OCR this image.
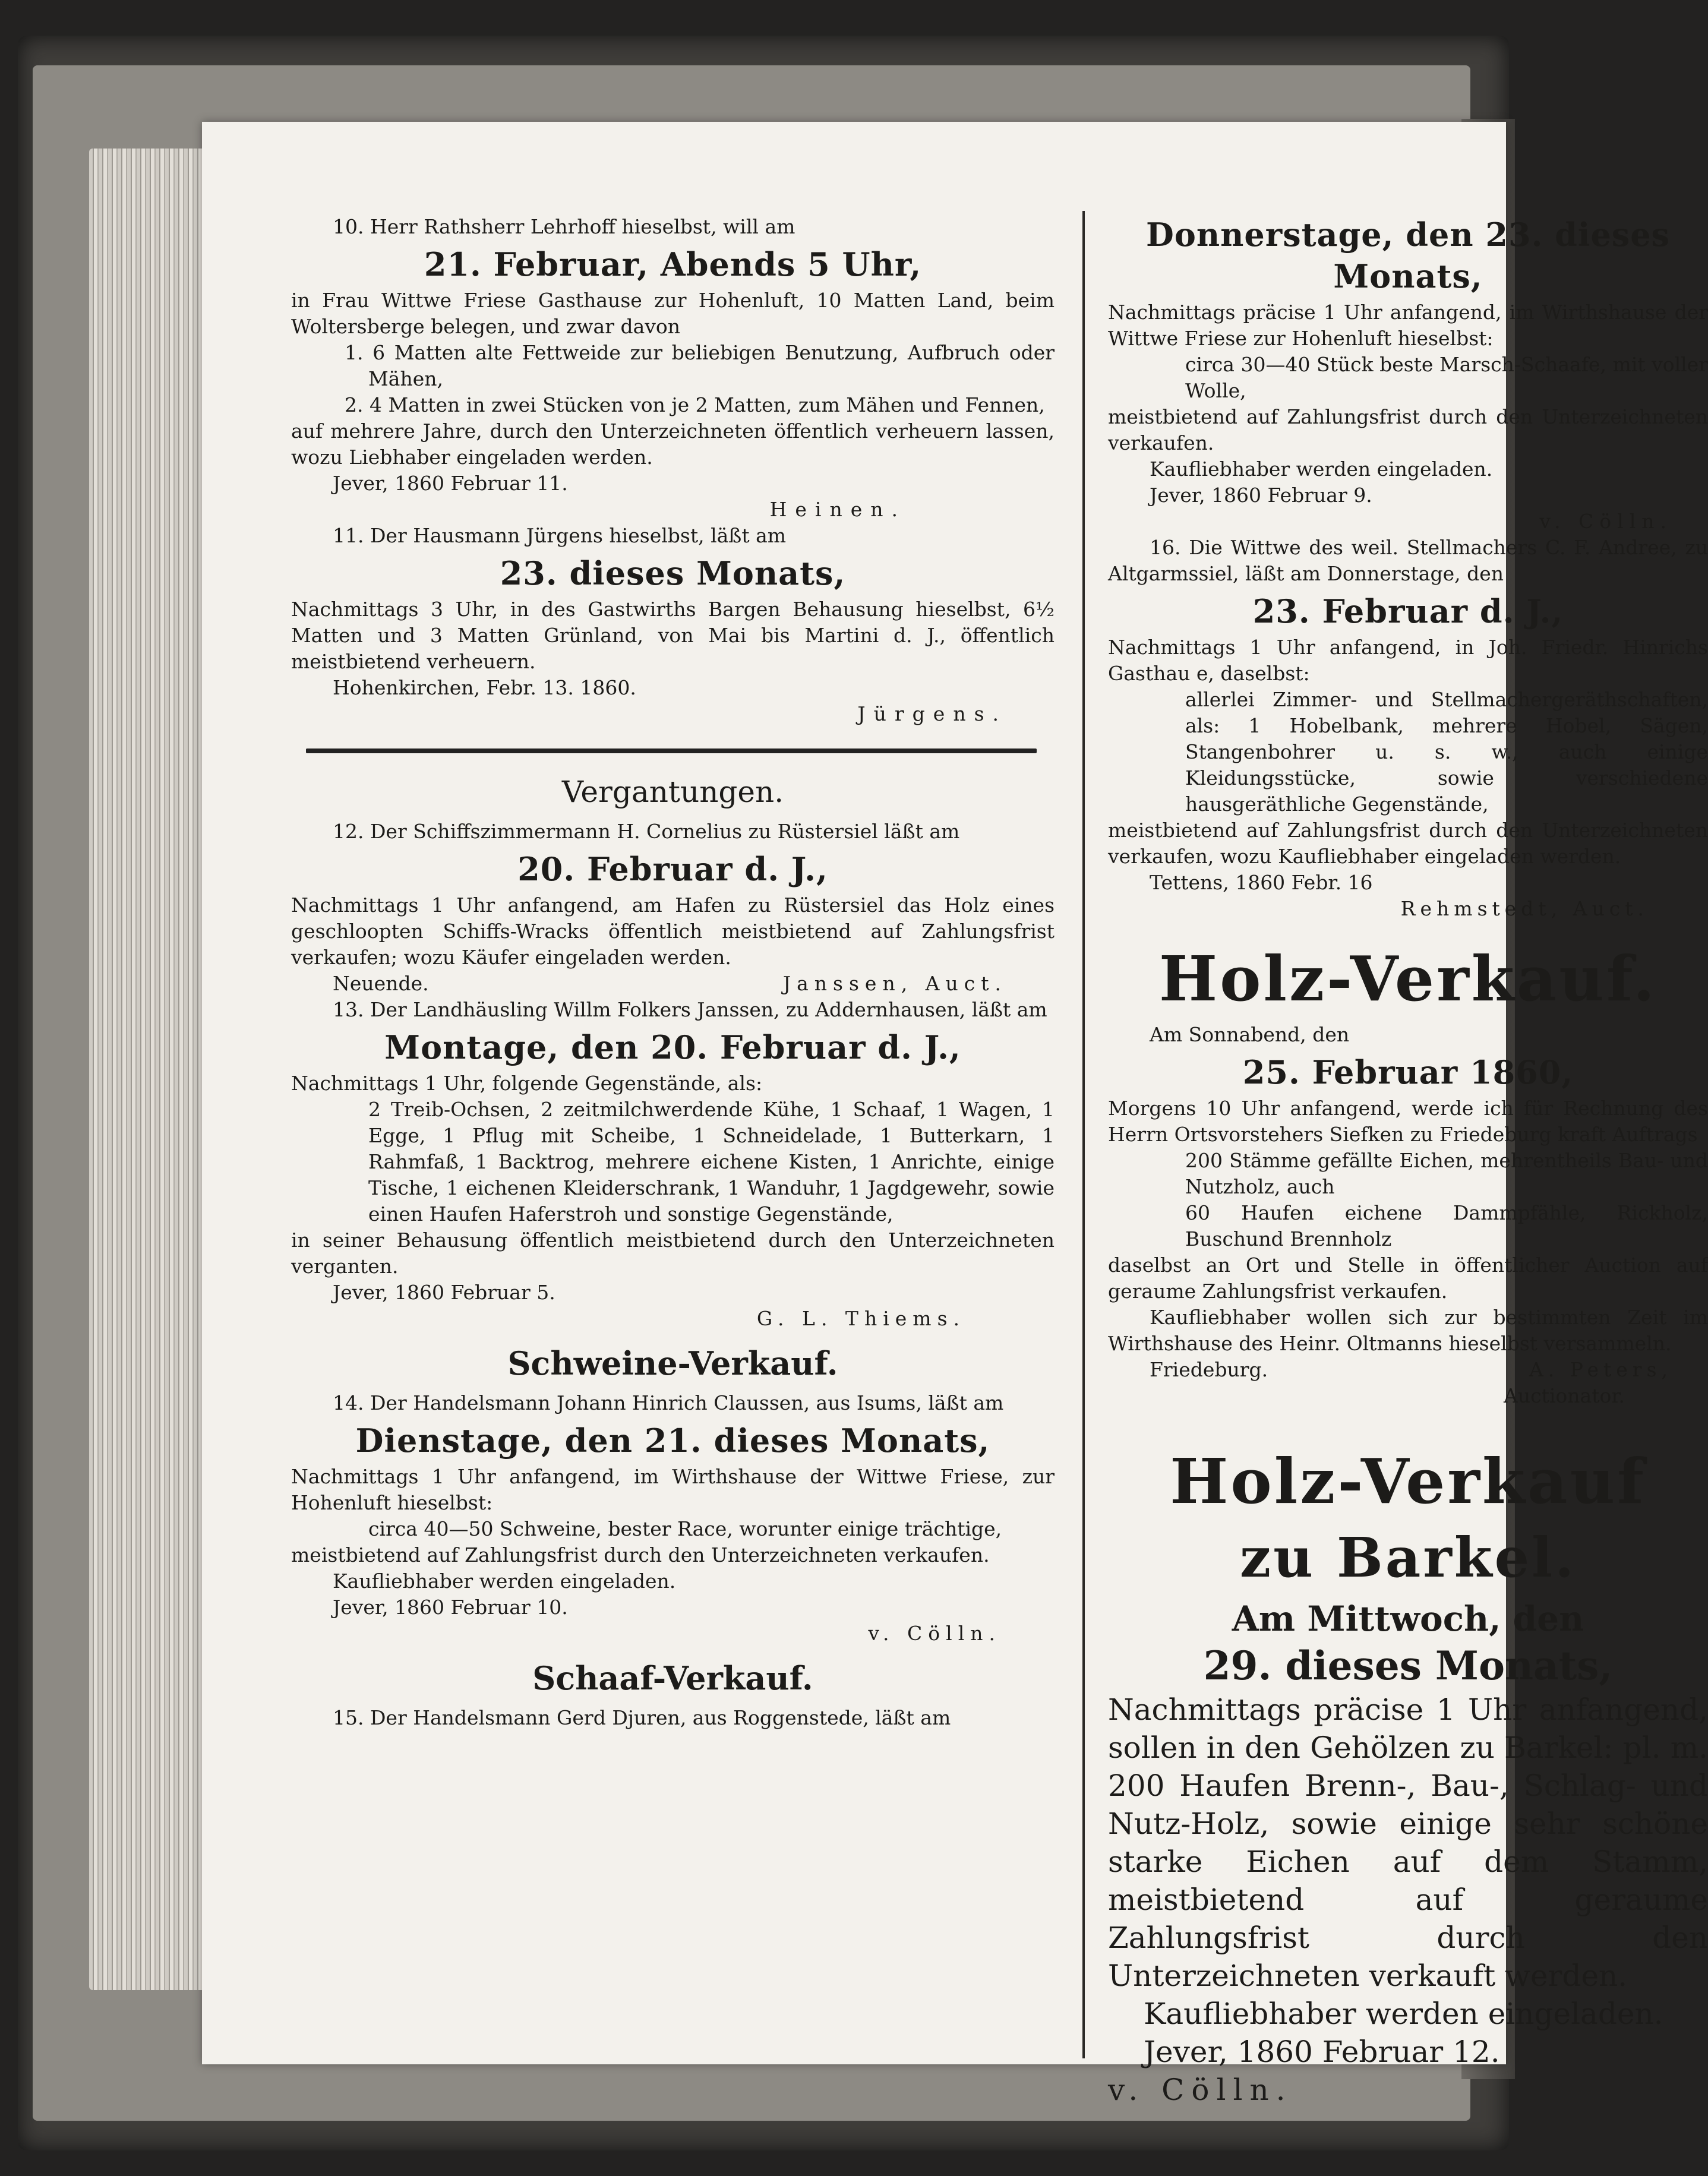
10. Herr Rathsherr Lehrhoff hieselbst, will am

21. Februar, Abends 5 Uhr,

in Frau Wittwe Friese Gasthause zur Hohenluft, 10 Matten Land, beim Woltersberge belegen, und zwar davon

1. 6 Matten alte Fettweide zur beliebigen Benutzung, Aufbruch oder Mähen,

2. 4 Matten in zwei Stücken von je 2 Matten, zum Mähen und Fennen,

auf mehrere Jahre, durch den Unterzeichneten öffentlich verheuern lassen, wozu Liebhaber eingeladen werden.

Jever, 1860 Februar 11.

Heinen.

11. Der Hausmann Jürgens hieselbst, läßt am

23. dieses Monats,

Nachmittags 3 Uhr, in des Gastwirths Bargen Behausung hieselbst, 6½ Matten und 3 Matten Grünland, von Mai bis Martini d. J., öffentlich meistbietend verheuern.

Hohenkirchen, Febr. 13. 1860.

Jürgens.

Vergantungen.

12. Der Schiffszimmermann H. Cornelius zu Rüstersiel läßt am

20. Februar d. J.,

Nachmittags 1 Uhr anfangend, am Hafen zu Rüstersiel das Holz eines geschloopten Schiffs-Wracks öffentlich meistbietend auf Zahlungsfrist verkaufen; wozu Käufer eingeladen werden.

Neuende.	Janssen, Auct.

13. Der Landhäusling Willm Folkers Janssen, zu Addernhausen, läßt am

Montage, den 20. Februar d. J.,

Nachmittags 1 Uhr, folgende Gegenstände, als:

2 Treib-Ochsen, 2 zeitmilchwerdende Kühe, 1 Schaaf, 1 Wagen, 1 Egge, 1 Pflug mit Scheibe, 1 Schneidelade, 1 Butterkarn, 1 Rahmfaß, 1 Backtrog, mehrere eichene Kisten, 1 Anrichte, einige Tische, 1 eichenen Kleiderschrank, 1 Wanduhr, 1 Jagdgewehr, sowie einen Haufen Haferstroh und sonstige Gegenstände,

in seiner Behausung öffentlich meistbietend durch den Unterzeichneten verganten.

Jever, 1860 Februar 5.

G. L. Thiems.

Schweine-Verkauf.

14. Der Handelsmann Johann Hinrich Claussen, aus Isums, läßt am

Dienstage, den 21. dieses Monats,

Nachmittags 1 Uhr anfangend, im Wirthshause der Wittwe Friese, zur Hohenluft hieselbst:

circa 40—50 Schweine, bester Race, worunter einige trächtige,

meistbietend auf Zahlungsfrist durch den Unterzeichneten verkaufen.

Kaufliebhaber werden eingeladen.

Jever, 1860 Februar 10.

v. Cölln.

Schaaf-Verkauf.

15. Der Handelsmann Gerd Djuren, aus Roggenstede, läßt am

Donnerstage, den 23. dieses Monats,

Nachmittags präcise 1 Uhr anfangend, im Wirthshause der Wittwe Friese zur Hohenluft hieselbst:

circa 30—40 Stück beste Marsch-Schaafe, mit voller Wolle,

meistbietend auf Zahlungsfrist durch den Unterzeichneten verkaufen.

Kaufliebhaber werden eingeladen.

Jever, 1860 Februar 9.

v. Cölln.

16. Die Wittwe des weil. Stellmachers C. F. Andree, zu Altgarmssiel, läßt am Donnerstage, den

23. Februar d. J.,

Nachmittags 1 Uhr anfangend, in Joh. Friedr. Hinrichs Gasthau e, daselbst:

allerlei Zimmer- und Stellmachergeräthschaften, als: 1 Hobelbank, mehrere Hobel, Sägen, Stangenbohrer u. s. w., auch einige Kleidungsstücke, sowie verschiedene hausgeräthliche Gegenstände,

meistbietend auf Zahlungsfrist durch den Unterzeichneten verkaufen, wozu Kaufliebhaber eingeladen werden.

Tettens, 1860 Febr. 16

Rehmstedt, Auct.

Holz-Verkauf.

Am Sonnabend, den

25. Februar 1860,

Morgens 10 Uhr anfangend, werde ich für Rechnung des Herrn Ortsvorstehers Siefken zu Friedeburg kraft Auftrags

200 Stämme gefällte Eichen, mehrentheils Bau- und Nutzholz, auch

60 Haufen eichene Dammpfähle, Rickholz, Buschund Brennholz

daselbst an Ort und Stelle in öffentlicher Auction auf geraume Zahlungsfrist verkaufen.

Kaufliebhaber wollen sich zur bestimmten Zeit im Wirthshause des Heinr. Oltmanns hieselbst versammeln.

Friedeburg.	A. Peters,

Auctionator.

Holz-Verkauf

zu Barkel.

Am Mittwoch, den

29. dieses Monats,

Nachmittags präcise 1 Uhr anfangend, sollen in den Gehölzen zu Barkel: pl. m. 200 Haufen Brenn-, Bau-, Schlag- und Nutz-Holz, sowie einige sehr schöne starke Eichen auf dem Stamm, meistbietend auf geraume Zahlungsfrist durch den Unterzeichneten verkauft werden.

Kaufliebhaber werden eingeladen.

Jever, 1860 Februar 12.

v. Cölln.
